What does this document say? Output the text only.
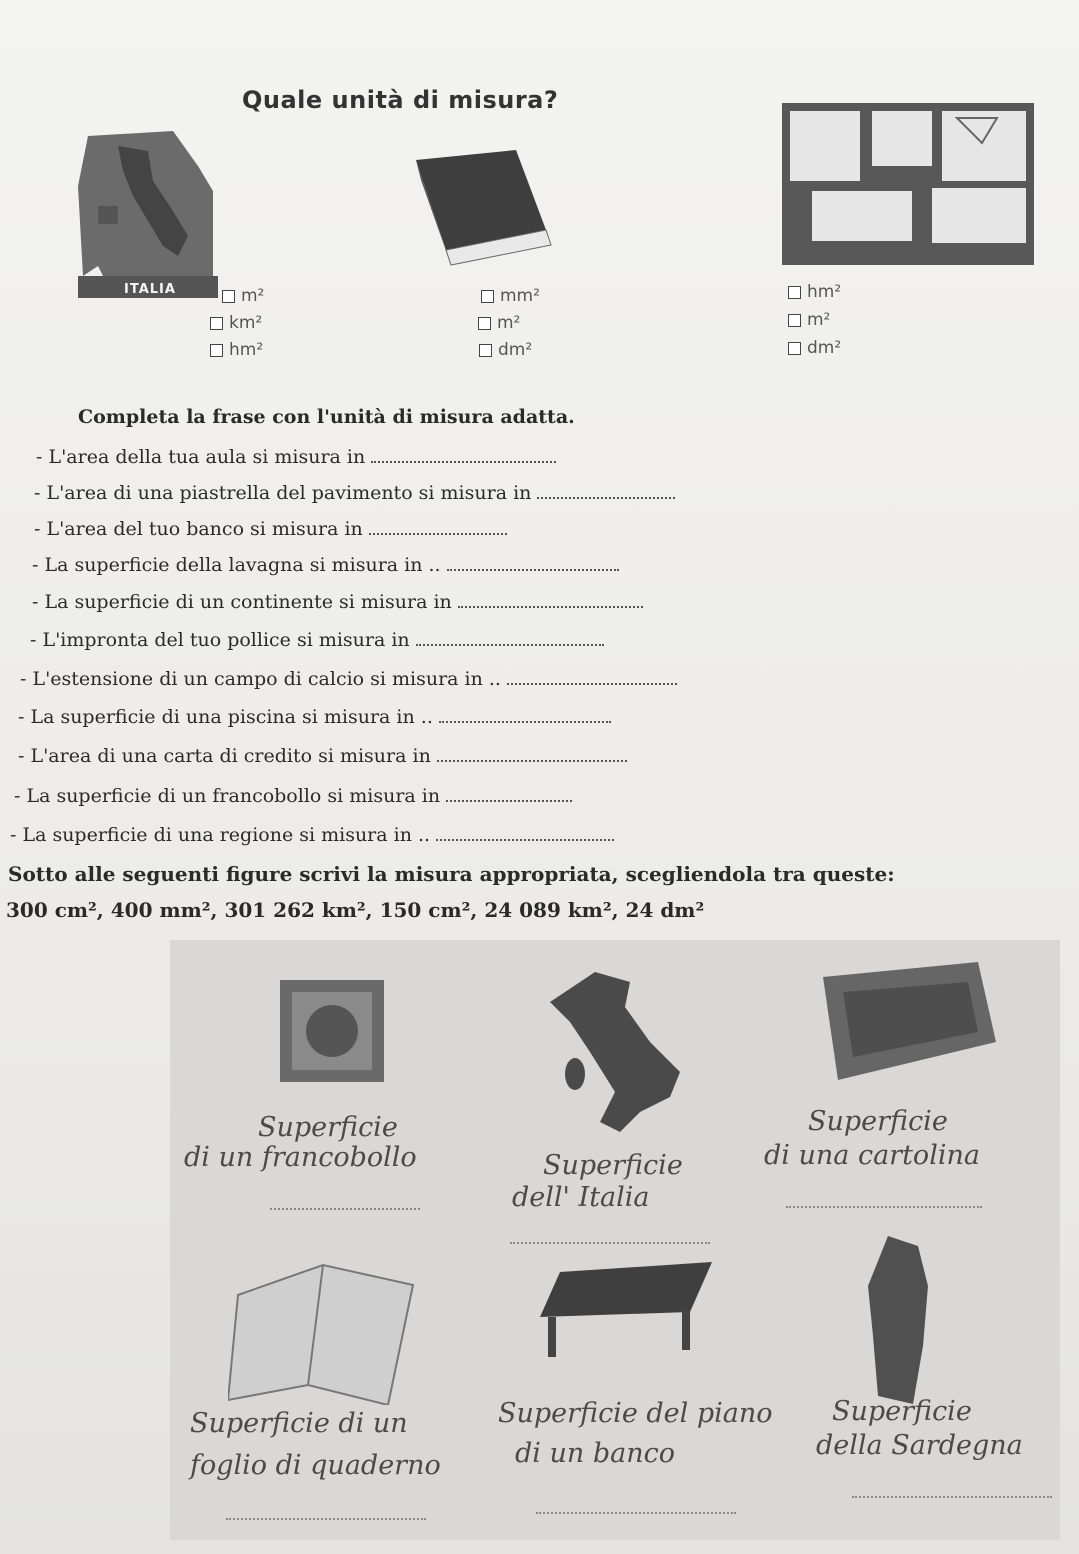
Quale unità di misura?
ITALIA	m²
km²
hm²
mm²
m²
dm²
hm²
m²
dm²
Completa la frase con l'unità di misura adatta.
- L'area della tua aula si misura in
- L'area di una piastrella del pavimento si misura in
- L'area del tuo banco si misura in
- La superficie della lavagna si misura in ..
- La superficie di un continente si misura in
- L'impronta del tuo pollice si misura in
- L'estensione di un campo di calcio si misura in ..
- La superficie di una piscina si misura in ..
- L'area di una carta di credito si misura in
- La superficie di un francobollo si misura in
- La superficie di una regione si misura in ..
Sotto alle seguenti figure scrivi la misura appropriata, scegliendola tra queste:
300 cm², 400 mm², 301 262 km², 150 cm², 24 089 km², 24 dm²
Superficie
di un francobollo	Superficie
dell' Italia
Superficie
di una cartolina
Superficie di un
foglio di quaderno
Superficie del piano
di un banco
Superficie
della Sardegna
